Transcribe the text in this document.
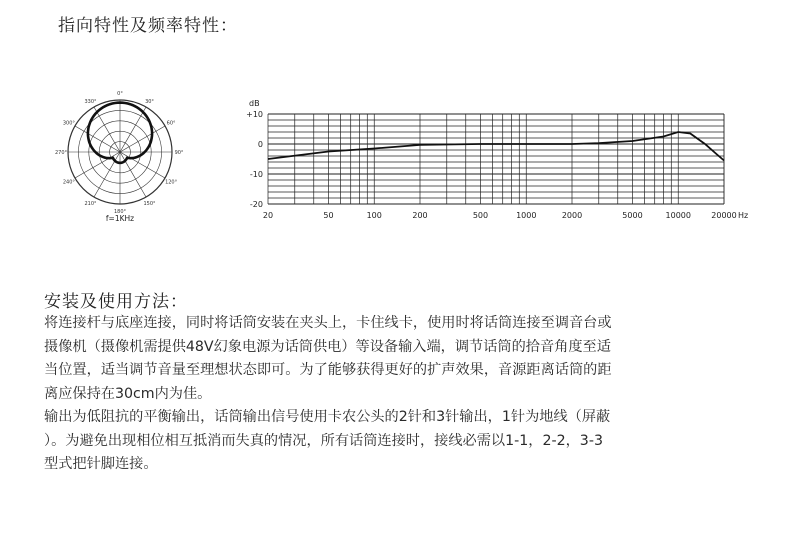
指向特性及频率特性：
0°
30°
60°
90°
120°
150°
180°
210°
240°
270°
300°
330°
f=1KHz
+10
0
-10
-20
20	50	100	200	500	1000	2000	5000	10000	20000
dB
Hz
安装及使用方法：

将连接杆与底座连接，同时将话筒安装在夹头上，卡住线卡，使用时将话筒连接至调音台或

摄像机（摄像机需提供48V幻象电源为话筒供电）等设备输入端，调节话筒的拾音角度至适

当位置，适当调节音量至理想状态即可。为了能够获得更好的扩声效果，音源距离话筒的距

离应保持在30cm内为佳。

输出为低阻抗的平衡输出，话筒输出信号使用卡农公头的2针和3针输出，1针为地线（屏蔽

）。为避免出现相位相互抵消而失真的情况，所有话筒连接时，接线必需以1-1，2-2，3-3

型式把针脚连接。
